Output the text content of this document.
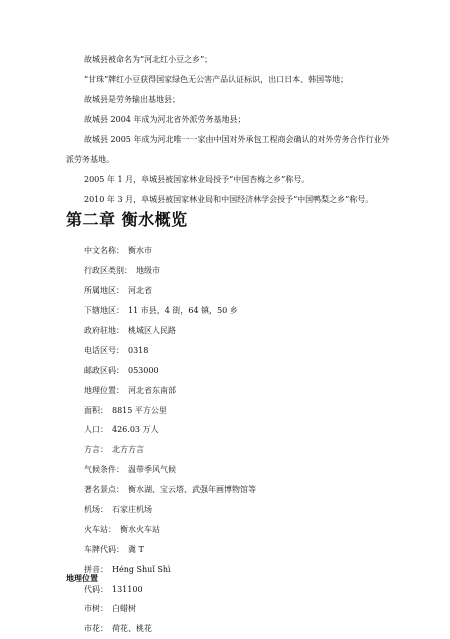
故城县被命名为“河北红小豆之乡”；
“甘珠”牌红小豆获得国家绿色无公害产品认证标识，出口日本、韩国等地；
故城县是劳务输出基地县；
故城县 2004 年成为河北省外派劳务基地县；
故城县 2005 年成为河北唯一一家由中国对外承包工程商会确认的对外劳务合作行业外
派劳务基地。
2005 年 1 月，阜城县被国家林业局授予“中国杏梅之乡”称号。
2010 年 3 月，阜城县被国家林业局和中国经济林学会授予“中国鸭梨之乡”称号。
第二章 衡水概览
中文名称： 衡水市
行政区类别： 地级市
所属地区： 河北省
下辖地区： 11 市县，4 街，64 镇，50 乡
政府驻地： 桃城区人民路
电话区号： 0318
邮政区码： 053000
地理位置： 河北省东南部
面积： 8815 平方公里
人口： 426.03 万人
方言： 北方方言
气候条件： 温带季风气候
著名景点： 衡水湖、宝云塔、武强年画博物馆等
机场： 石家庄机场
火车站： 衡水火车站
车牌代码： 冀 T
拼音： Héng Shuǐ Shì
代码： 131100
市树： 白蜡树
市花： 荷花、桃花
地理位置
